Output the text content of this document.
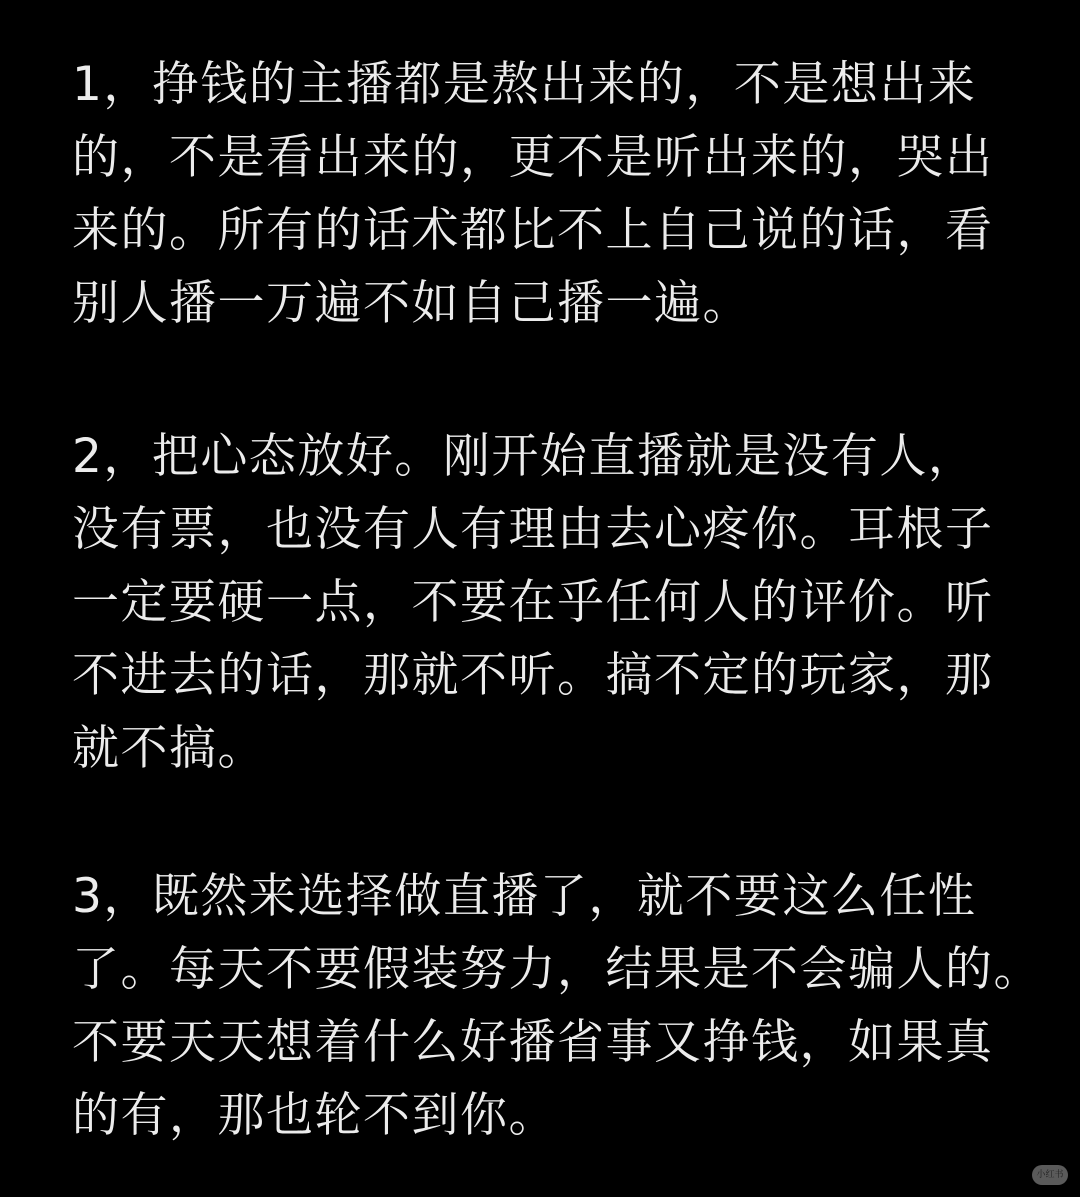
1，挣钱的主播都是熬出来的，不是想出来
的，不是看出来的，更不是听出来的，哭出
来的。所有的话术都比不上自己说的话，看
别人播一万遍不如自己播一遍。

2，把心态放好。刚开始直播就是没有人，
没有票，也没有人有理由去心疼你。耳根子
一定要硬一点，不要在乎任何人的评价。听
不进去的话，那就不听。搞不定的玩家，那
就不搞。

3，既然来选择做直播了，就不要这么任性
了。每天不要假装努力，结果是不会骗人的。
不要天天想着什么好播省事又挣钱，如果真
的有，那也轮不到你。

小红书
